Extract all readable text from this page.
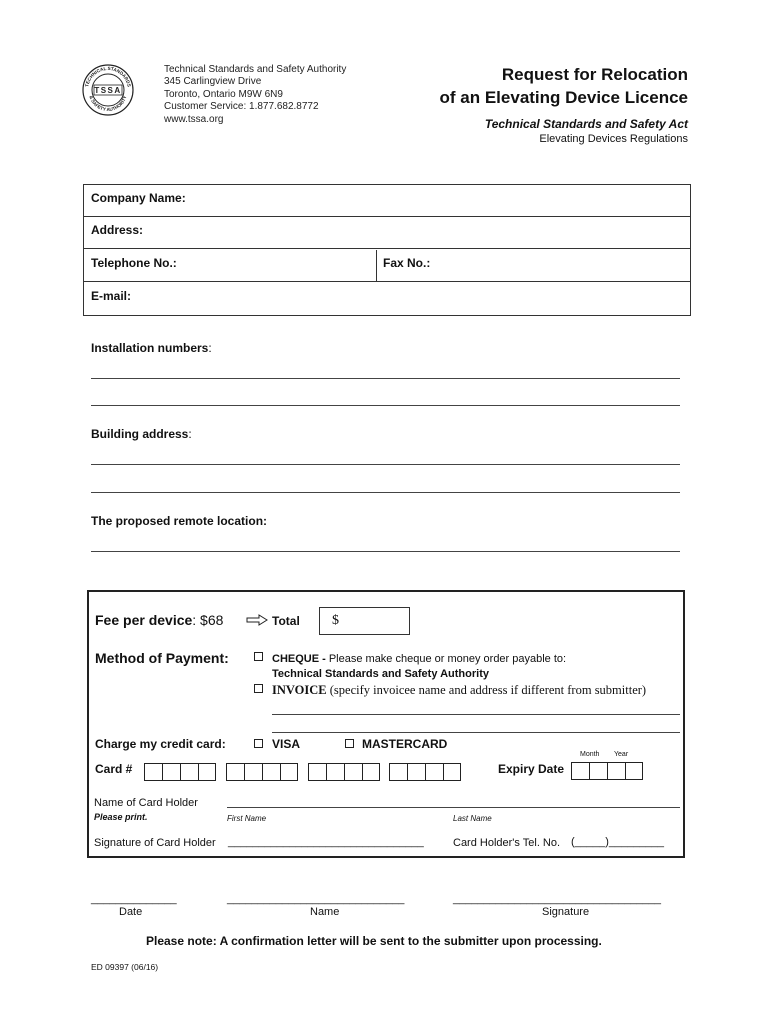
TECHNICAL STANDARDS
& SAFETY AUTHORITY
TSSA
Technical Standards and Safety Authority
345 Carlingview Drive
Toronto, Ontario M9W 6N9
Customer Service: 1.877.682.8772
www.tssa.org
Request for Relocation
of an Elevating Device Licence
Technical Standards and Safety Act
Elevating Devices Regulations
Company Name:
Address:
Telephone No.:	Fax No.:
E-mail:
Installation numbers:
Building address:
The proposed remote location:
Fee per device: $68	Total	$
Method of Payment:	CHEQUE - Please make cheque or money order payable to:
Technical Standards and Safety Authority
INVOICE (specify invoicee name and address if different from submitter)
Charge my credit card:	VISA	MASTERCARD
Card #	Expiry Date
Month Year
Name of Card Holder
Please print.	First Name	Last Name
Signature of Card Holder ________________________________	Card Holder's Tel. No. (_____)_________
______________	_____________________________	__________________________________
Date	Name	Signature
Please note: A confirmation letter will be sent to the submitter upon processing.
ED 09397 (06/16)
